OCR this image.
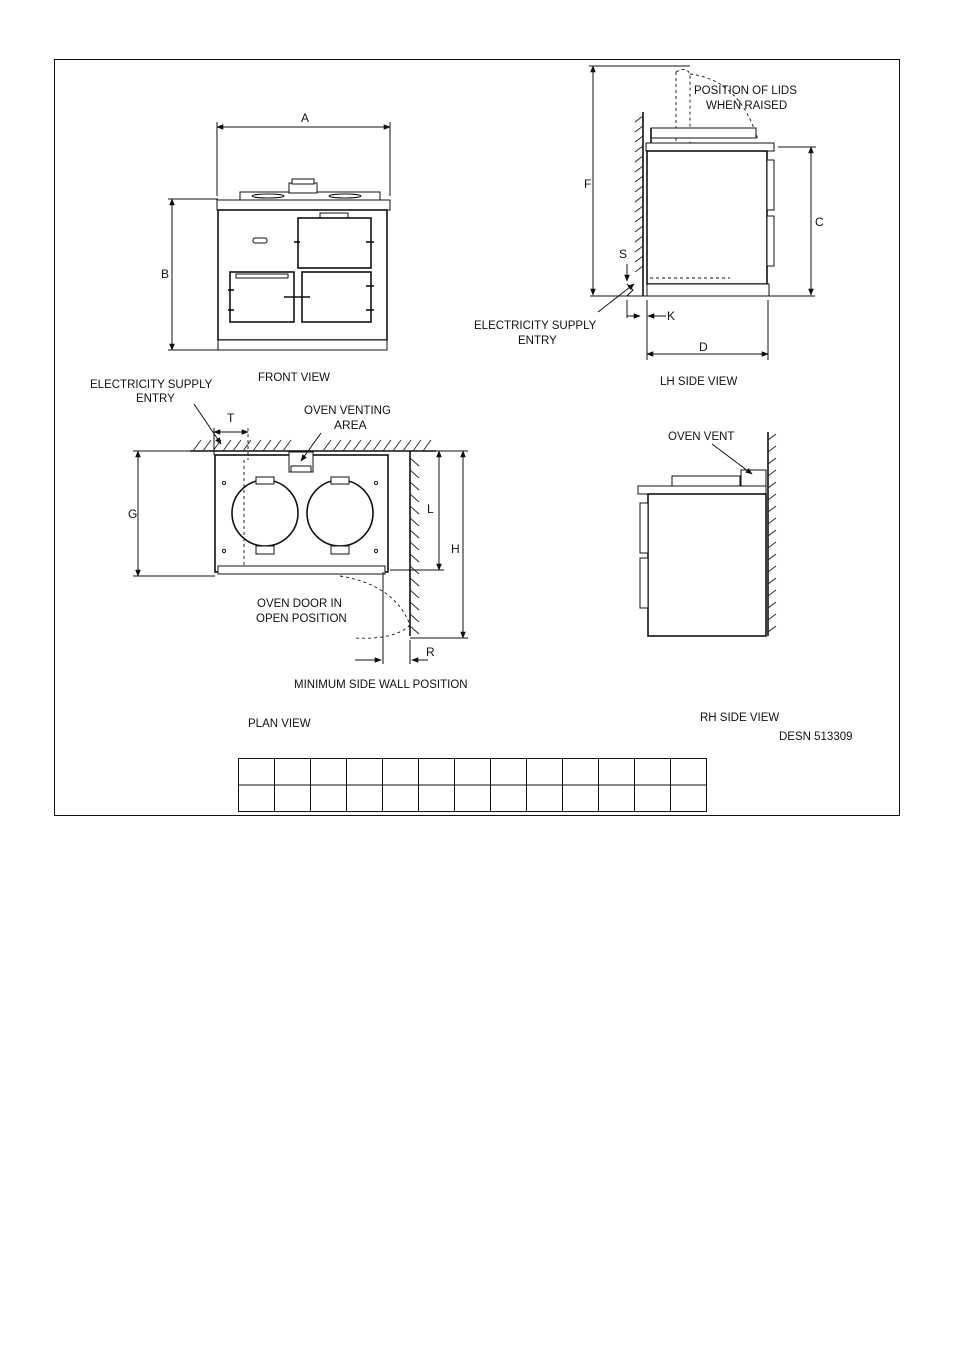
A
B
FRONT VIEW
F
C
S
K
D
POSITION OF LIDS
WHEN RAISED
ELECTRICITY SUPPLY
ENTRY
LH SIDE VIEW
G	L
H
R
T
ELECTRICITY SUPPLY
ENTRY
OVEN VENTING
AREA
OVEN DOOR IN
OPEN POSITION
MINIMUM SIDE WALL POSITION
PLAN VIEW
OVEN VENT
RH SIDE VIEW
DESN 513309
